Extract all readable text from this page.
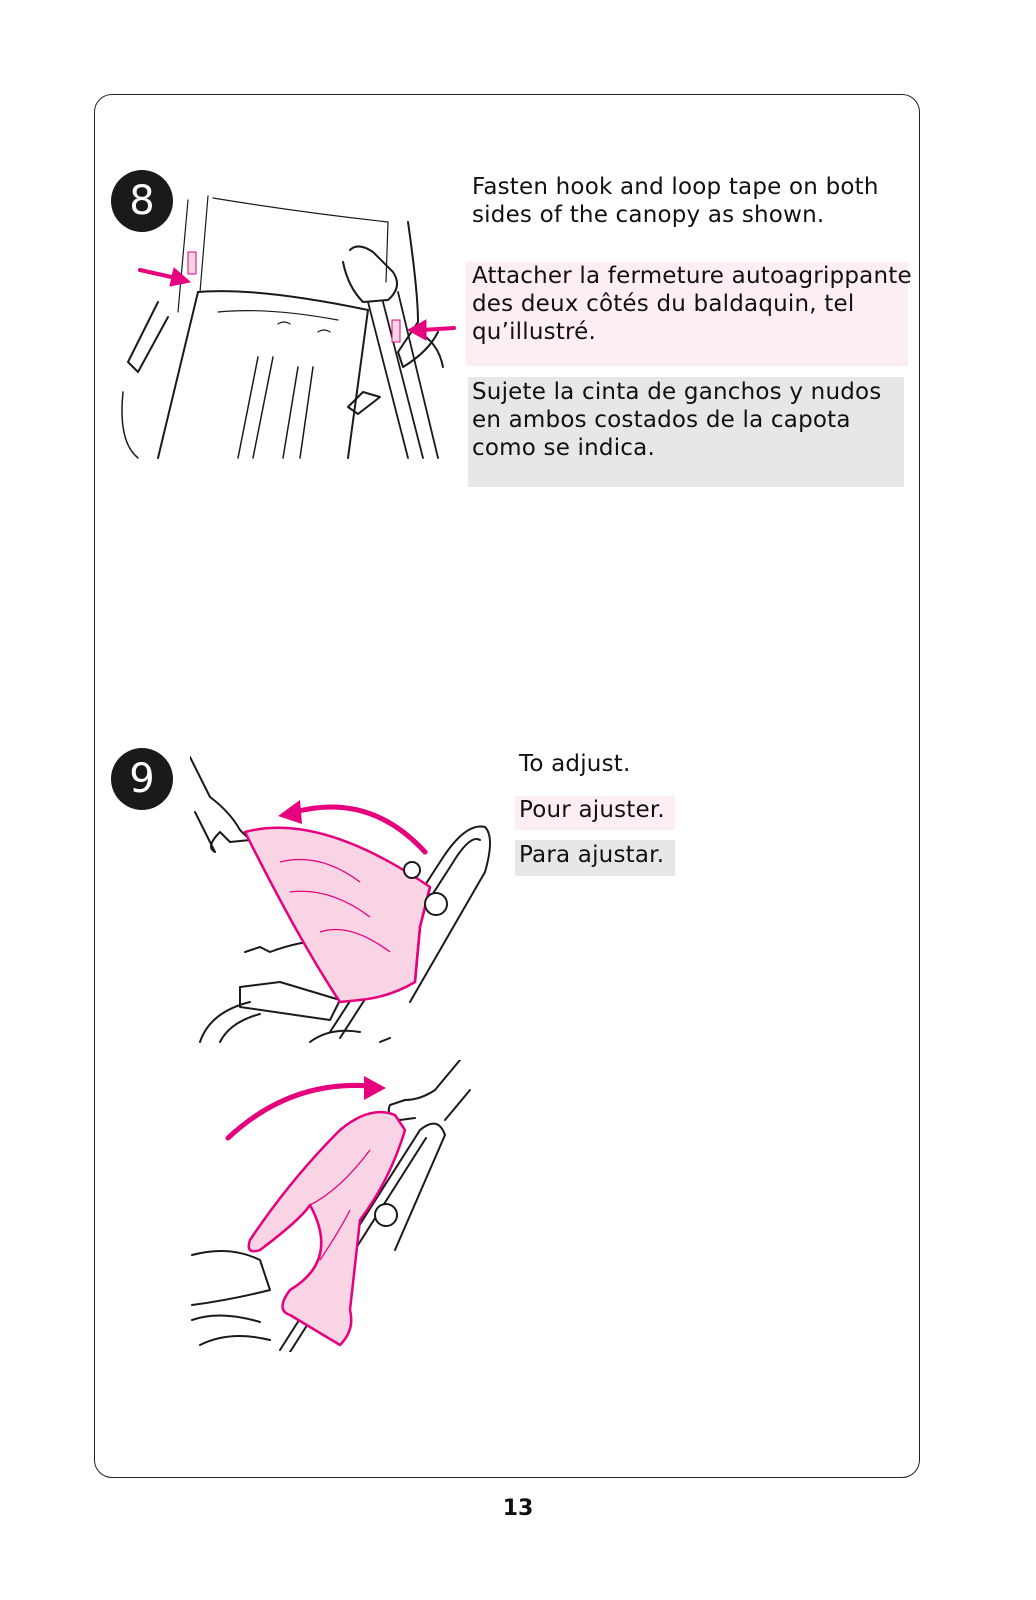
8	Fasten hook and loop tape on both
sides of the canopy as shown.
Attacher la fermeture autoagrippante
des deux côtés du baldaquin, tel
qu’illustré.
Sujete la cinta de ganchos y nudos
en ambos costados de la capota
como se indica.
9	To adjust.
Pour ajuster.
Para ajustar.
13
